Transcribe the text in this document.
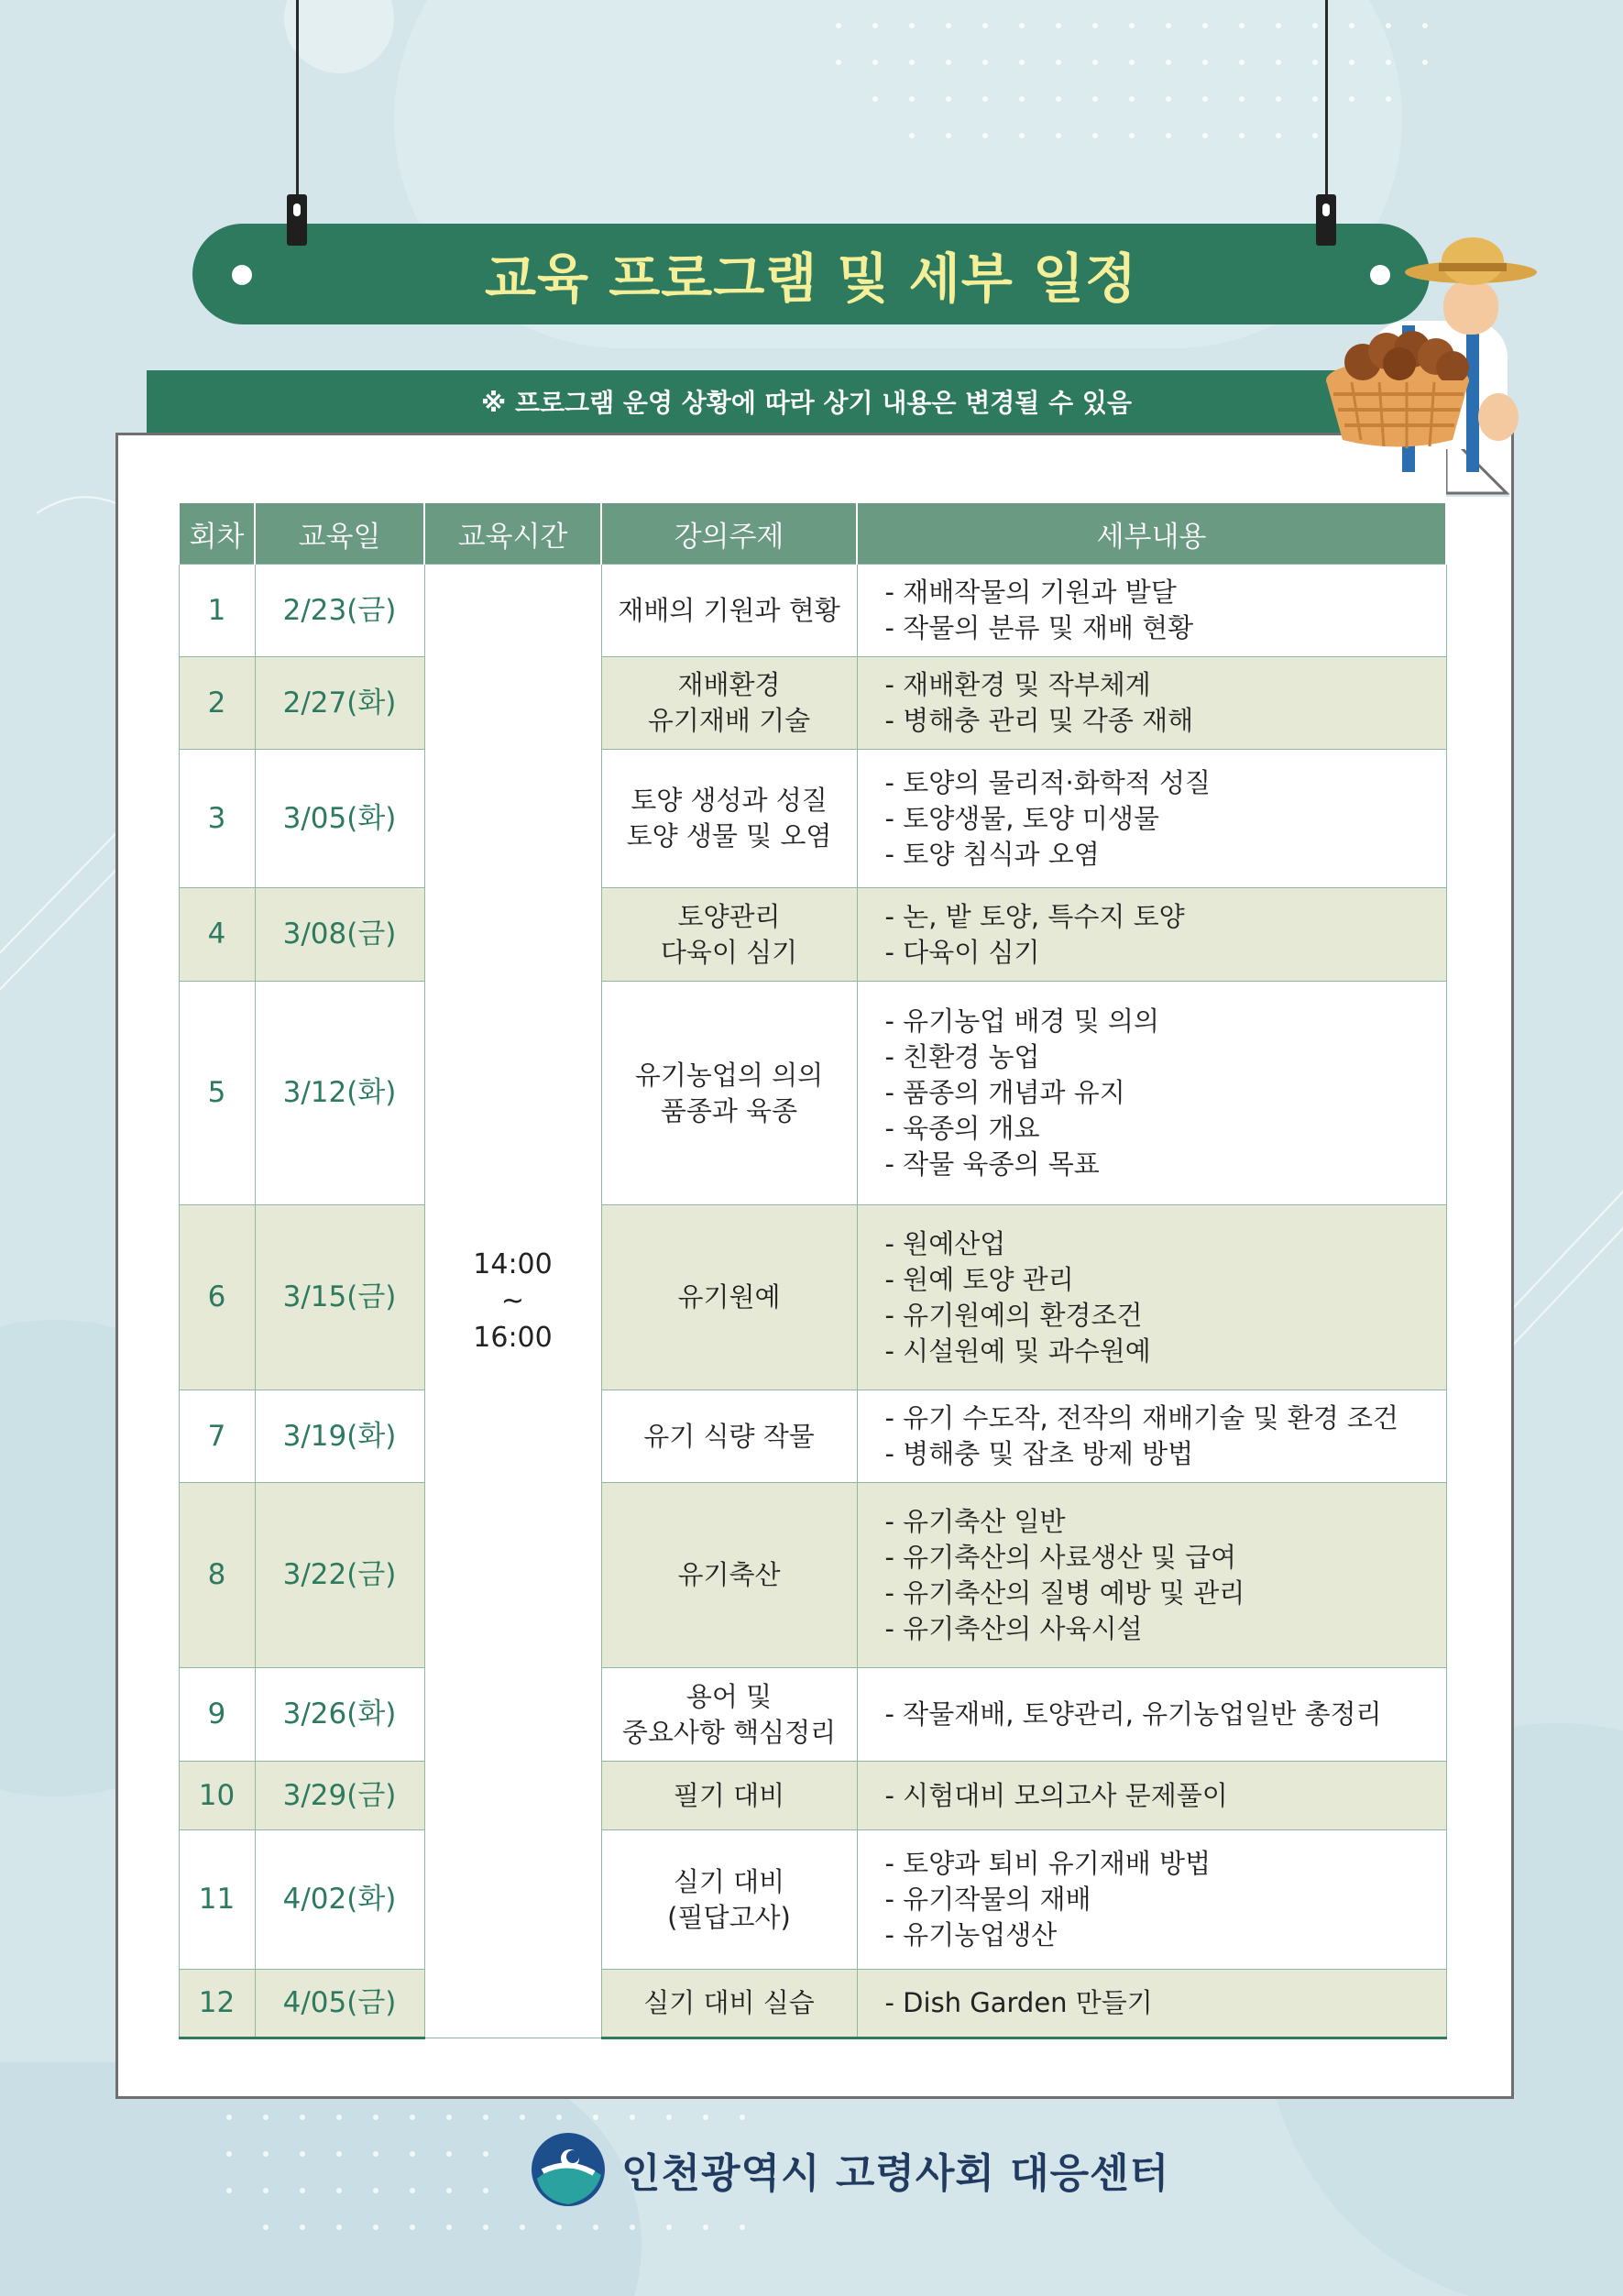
교육 프로그램 및 세부 일정
※ 프로그램 운영 상황에 따라 상기 내용은 변경될 수 있음
회차	교육일	교육시간	강의주제	세부내용
1	2/23(금)	14:00
~
16:00	재배의 기원과 현황	- 재배작물의 기원과 발달
- 작물의 분류 및 재배 현황

2	2/27(화)		재배환경
유기재배 기술	- 재배환경 및 작부체계
- 병해충 관리 및 각종 재해

3	3/05(화)		토양 생성과 성질
토양 생물 및 오염	- 토양의 물리적·화학적 성질
- 토양생물, 토양 미생물
- 토양 침식과 오염

4	3/08(금)		토양관리
다육이 심기	- 논, 밭 토양, 특수지 토양
- 다육이 심기

5	3/12(화)		유기농업의 의의
품종과 육종	- 유기농업 배경 및 의의
- 친환경 농업
- 품종의 개념과 유지
- 육종의 개요
- 작물 육종의 목표

6	3/15(금)		유기원예	- 원예산업
- 원예 토양 관리
- 유기원예의 환경조건
- 시설원예 및 과수원예

7	3/19(화)		유기 식량 작물	- 유기 수도작, 전작의 재배기술 및 환경 조건
- 병해충 및 잡초 방제 방법

8	3/22(금)		유기축산	- 유기축산 일반
- 유기축산의 사료생산 및 급여
- 유기축산의 질병 예방 및 관리
- 유기축산의 사육시설

9	3/26(화)		용어 및
중요사항 핵심정리	- 작물재배, 토양관리, 유기농업일반 총정리

10	3/29(금)		필기 대비	- 시험대비 모의고사 문제풀이

11	4/02(화)		실기 대비
(필답고사)	- 토양과 퇴비 유기재배 방법
- 유기작물의 재배
- 유기농업생산

12	4/05(금)		실기 대비 실습	- Dish Garden 만들기
인천광역시 고령사회 대응센터
